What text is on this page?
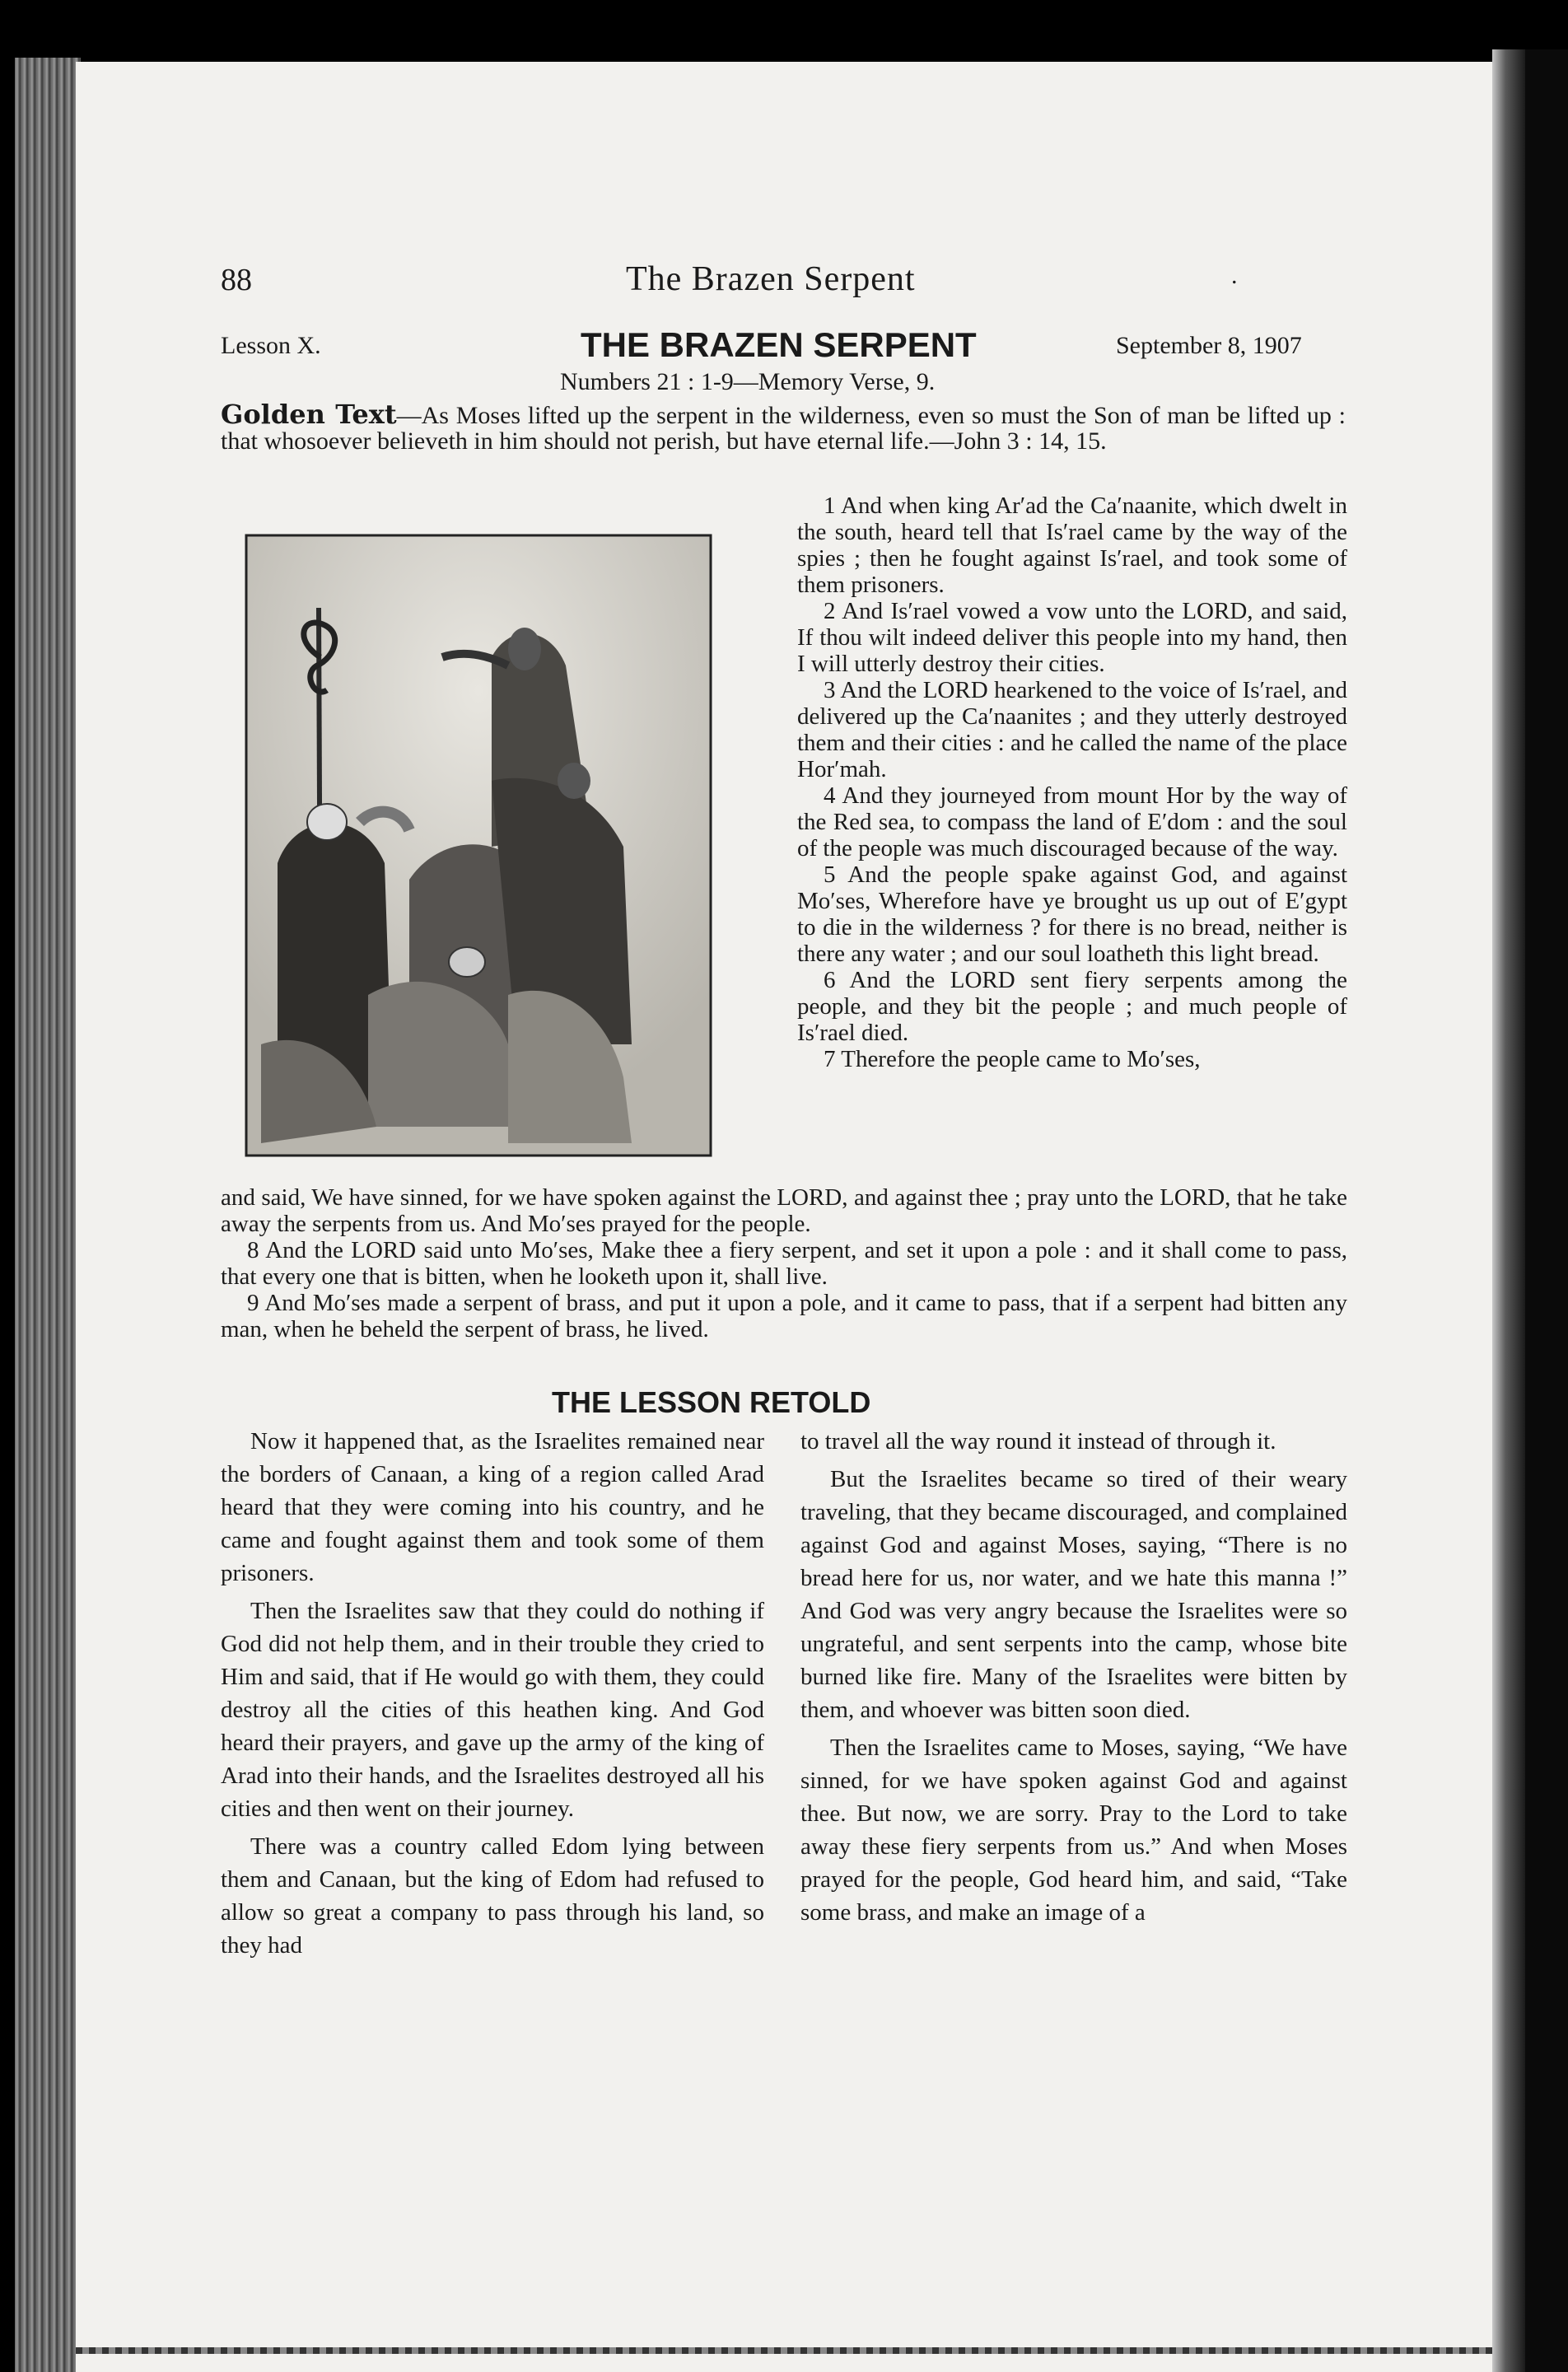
88	The Brazen Serpent	.
Lesson X.	THE BRAZEN SERPENT	September 8, 1907
Numbers 21 : 1-9—Memory Verse, 9.
Golden Text—As Moses lifted up the serpent in the wilderness, even so must the Son of man be lifted up : that whosoever believeth in him should not perish, but have eternal life.—John 3 : 14, 15.

1 And when king Ar′ad the Ca′naanite, which dwelt in the south, heard tell that Is′rael came by the way of the spies ; then he fought against Is′rael, and took some of them prisoners.

2 And Is′rael vowed a vow unto the LORD, and said, If thou wilt indeed deliver this people into my hand, then I will utterly destroy their cities.

3 And the LORD hearkened to the voice of Is′rael, and delivered up the Ca′naanites ; and they utterly destroyed them and their cities : and he called the name of the place Hor′mah.

4 And they journeyed from mount Hor by the way of the Red sea, to compass the land of E′dom : and the soul of the people was much discouraged because of the way.

5 And the people spake against God, and against Mo′ses, Wherefore have ye brought us up out of E′gypt to die in the wilderness ? for there is no bread, neither is there any water ; and our soul loatheth this light bread.

6 And the LORD sent fiery serpents among the people, and they bit the people ; and much people of Is′rael died.

7 Therefore the people came to Mo′ses,

and said, We have sinned, for we have spoken against the LORD, and against thee ; pray unto the LORD, that he take away the serpents from us. And Mo′ses prayed for the people.

8 And the LORD said unto Mo′ses, Make thee a fiery serpent, and set it upon a pole : and it shall come to pass, that every one that is bitten, when he looketh upon it, shall live.

9 And Mo′ses made a serpent of brass, and put it upon a pole, and it came to pass, that if a serpent had bitten any man, when he beheld the serpent of brass, he lived.

THE LESSON RETOLD

Now it happened that, as the Israelites remained near the borders of Canaan, a king of a region called Arad heard that they were coming into his country, and he came and fought against them and took some of them prisoners.

Then the Israelites saw that they could do nothing if God did not help them, and in their trouble they cried to Him and said, that if He would go with them, they could destroy all the cities of this heathen king. And God heard their prayers, and gave up the army of the king of Arad into their hands, and the Israelites destroyed all his cities and then went on their journey.

There was a country called Edom lying between them and Canaan, but the king of Edom had refused to allow so great a company to pass through his land, so they had

to travel all the way round it instead of through it.

But the Israelites became so tired of their weary traveling, that they became discouraged, and complained against God and against Moses, saying, “There is no bread here for us, nor water, and we hate this manna !” And God was very angry because the Israelites were so ungrateful, and sent serpents into the camp, whose bite burned like fire. Many of the Israelites were bitten by them, and whoever was bitten soon died.

Then the Israelites came to Moses, saying, “We have sinned, for we have spoken against God and against thee. But now, we are sorry. Pray to the Lord to take away these fiery serpents from us.” And when Moses prayed for the people, God heard him, and said, “Take some brass, and make an image of a
